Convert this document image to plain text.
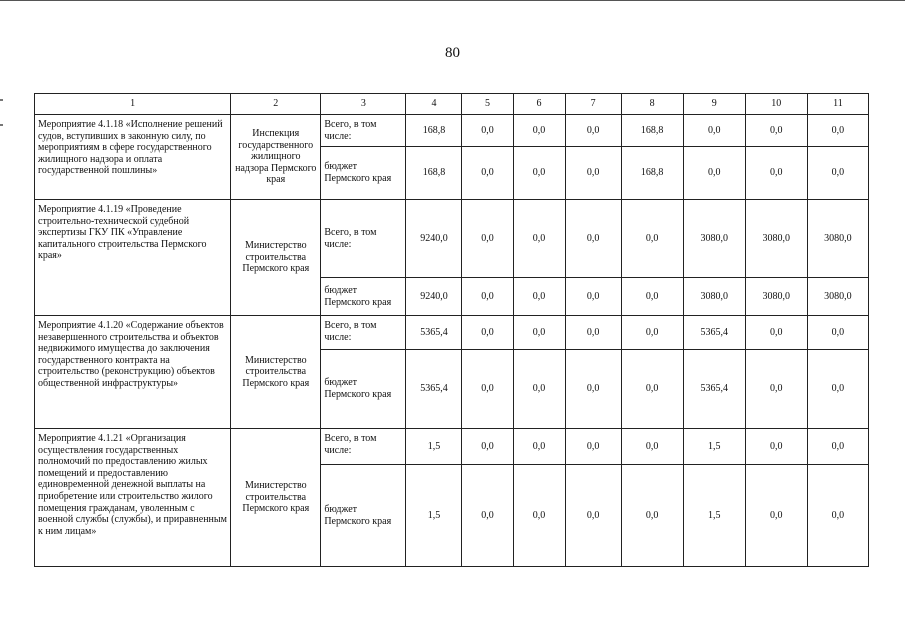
80
1	2	3	4	5	6	7	8	9	10	11
Мероприятие 4.1.18 «Исполнение решений судов, вступивших в законную силу, по мероприятиям в сфере государственного жилищного надзора и оплата государственной пошлины»	Инспекция государственного жилищного надзора Пермского края	Всего, в том числе:	168,8	0,0	0,0	0,0	168,8	0,0	0,0	0,0
		бюджет Пермского края	168,8	0,0	0,0	0,0	168,8	0,0	0,0	0,0
Мероприятие 4.1.19 «Проведение строительно-технической судебной экспертизы ГКУ ПК «Управление капитального строительства Пермского края»	Министерство строительства Пермского края	Всего, в том числе:	9240,0	0,0	0,0	0,0	0,0	3080,0	3080,0	3080,0
		бюджет Пермского края	9240,0	0,0	0,0	0,0	0,0	3080,0	3080,0	3080,0
Мероприятие 4.1.20 «Содержание объектов незавершенного строительства и объектов недвижимого имущества до заключения государственного контракта на строительство (реконструкцию) объектов общественной инфраструктуры»	Министерство строительства Пермского края	Всего, в том числе:	5365,4	0,0	0,0	0,0	0,0	5365,4	0,0	0,0
		бюджет Пермского края	5365,4	0,0	0,0	0,0	0,0	5365,4	0,0	0,0
Мероприятие 4.1.21 «Организация осуществления государственных полномочий по предоставлению жилых помещений и предоставлению единовременной денежной выплаты на приобретение или строительство жилого помещения гражданам, уволенным с военной службы (службы), и приравненным к ним лицам»	Министерство строительства Пермского края	Всего, в том числе:	1,5	0,0	0,0	0,0	0,0	1,5	0,0	0,0
		бюджет Пермского края	1,5	0,0	0,0	0,0	0,0	1,5	0,0	0,0
